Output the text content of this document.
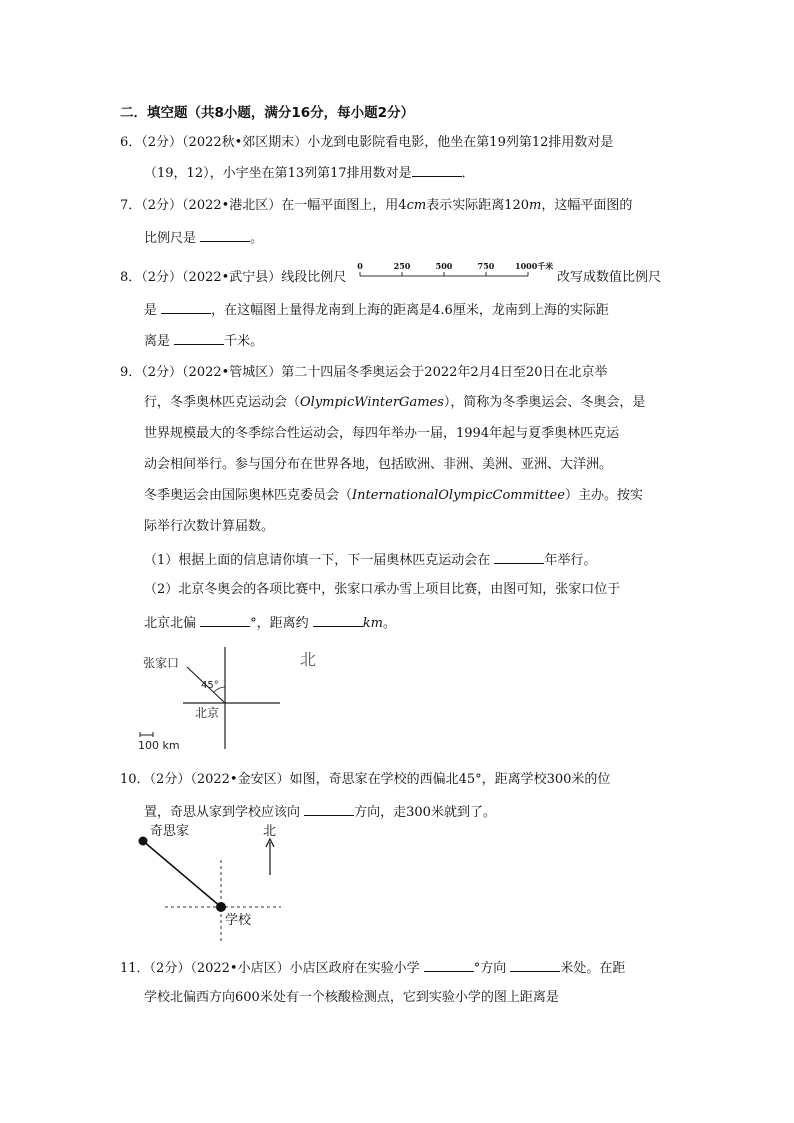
二．填空题（共8小题，满分16分，每小题2分）
6．（2分）（2022秋•郊区期末）小龙到电影院看电影，他坐在第19列第12排用数对是
（19，12），小宇坐在第13列第17排用数对是	．
7．（2分）（2022•港北区）在一幅平面图上，用4cm表示实际距离120m，这幅平面图的
比例尺是	。
8．（2分）（2022•武宁县）线段比例尺
0	250	500	750	1000千米
改写成数值比例尺
是	，在这幅图上量得龙南到上海的距离是4.6厘米，龙南到上海的实际距
离是	千米。
9．（2分）（2022•管城区）第二十四届冬季奥运会于2022年2月4日至20日在北京举
行，冬季奥林匹克运动会（OlympicWinterGames），简称为冬季奥运会、冬奥会，是
世界规模最大的冬季综合性运动会，每四年举办一届，1994年起与夏季奥林匹克运
动会相间举行。参与国分布在世界各地，包括欧洲、非洲、美洲、亚洲、大洋洲。
冬季奥运会由国际奥林匹克委员会（InternationalOlympicCommittee）主办。按实
际举行次数计算届数。
（1）根据上面的信息请你填一下，下一届奥林匹克运动会在	年举行。
（2）北京冬奥会的各项比赛中，张家口承办雪上项目比赛，由图可知，张家口位于
北京北偏	°，距离约	km。
张家口
45°
北京
北
100 km
10．（2分）（2022•金安区）如图，奇思家在学校的西偏北45°，距离学校300米的位
置，奇思从家到学校应该向	方向，走300米就到了。
奇思家	北
学校
11．（2分）（2022•小店区）小店区政府在实验小学	°方向	米处。在距
学校北偏西方向600米处有一个核酸检测点，它到实验小学的图上距离是
